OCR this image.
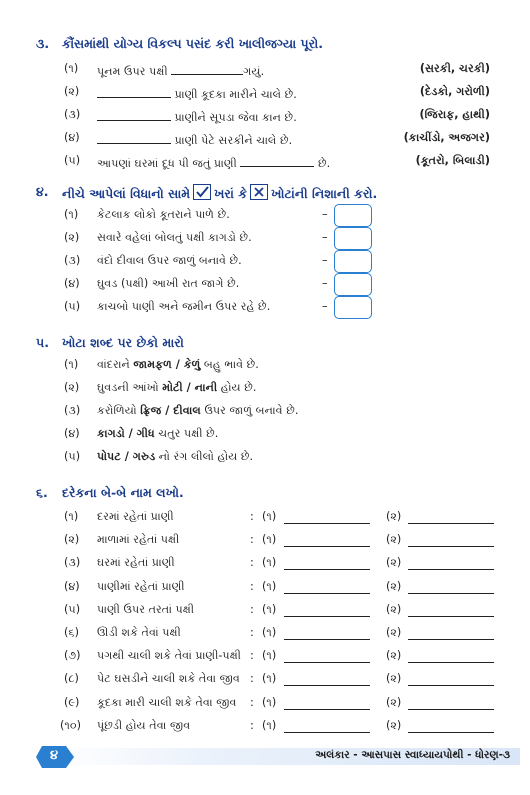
૩. કૌંસમાંથી યોગ્ય વિકલ્પ પસંદ કરી ખાલીજગ્યા પૂરો.
(૧) પૂનમ ઉપર પક્ષી	ગયું.	(સરકી, ચરકી)
(૨)	પ્રાણી કૂદકા મારીને ચાલે છે.	(દેડકો, ગરોળી)
(૩)	પ્રાણીને સૂપડા જેવા કાન છે.	(જિરાફ, હાથી)
(૪)	પ્રાણી પેટે સરકીને ચાલે છે.	(કાચીંડો, અજગર)
(૫) આપણાં ઘરમાં દૂધ પી જતું પ્રાણી	છે.	(કૂતરો, બિલાડી)
૪. નીચે આપેલાં વિધાનો સામે ખરાં કે ખોટાંની નિશાની કરો.
(૧) કેટલાક લોકો કૂતરાને પાળે છે.	–
(૨) સવારે વહેલાં બોલતું પક્ષી કાગડો છે.	–
(૩) વંદો દીવાલ ઉપર જાળું બનાવે છે.	–
(૪) ઘુવડ (પક્ષી) આખી રાત જાગે છે.	–
(૫) કાચબો પાણી અને જમીન ઉપર રહે છે.	–
૫. ખોટા શબ્દ પર છેકો મારો
(૧) વાંદરાને જામફળ / કેળું બહુ ભાવે છે.
(૨) ઘુવડની આંખો મોટી / નાની હોય છે.
(૩) કરોળિયો ફ્રિજ / દીવાલ ઉપર જાળું બનાવે છે.
(૪) કાગડો / ગીધ ચતુર પક્ષી છે.
(૫) પોપટ / ગરુડ નો રંગ લીલો હોય છે.
૬. દરેકના બે-બે નામ લખો.
(૧) દરમાં રહેતાં પ્રાણી	: (૧)	(૨)
(૨) માળામાં રહેતાં પક્ષી	: (૧)	(૨)
(૩) ઘરમાં રહેતાં પ્રાણી	: (૧)	(૨)
(૪) પાણીમાં રહેતાં પ્રાણી	: (૧)	(૨)
(૫) પાણી ઉપર તરતાં પક્ષી	: (૧)	(૨)
(૬) ઊડી શકે તેવાં પક્ષી	: (૧)	(૨)
(૭) પગથી ચાલી શકે તેવાં પ્રાણી-પક્ષી : (૧)	(૨)
(૮) પેટ ઘસડીને ચાલી શકે તેવા જીવ : (૧)	(૨)
(૯) કૂદકા મારી ચાલી શકે તેવા જીવ : (૧)	(૨)
(૧૦) પૂંછડી હોય તેવા જીવ	: (૧)	(૨)
૪	અલંકાર - આસપાસ સ્વાધ્યાયપોથી - ધોરણ-૩
